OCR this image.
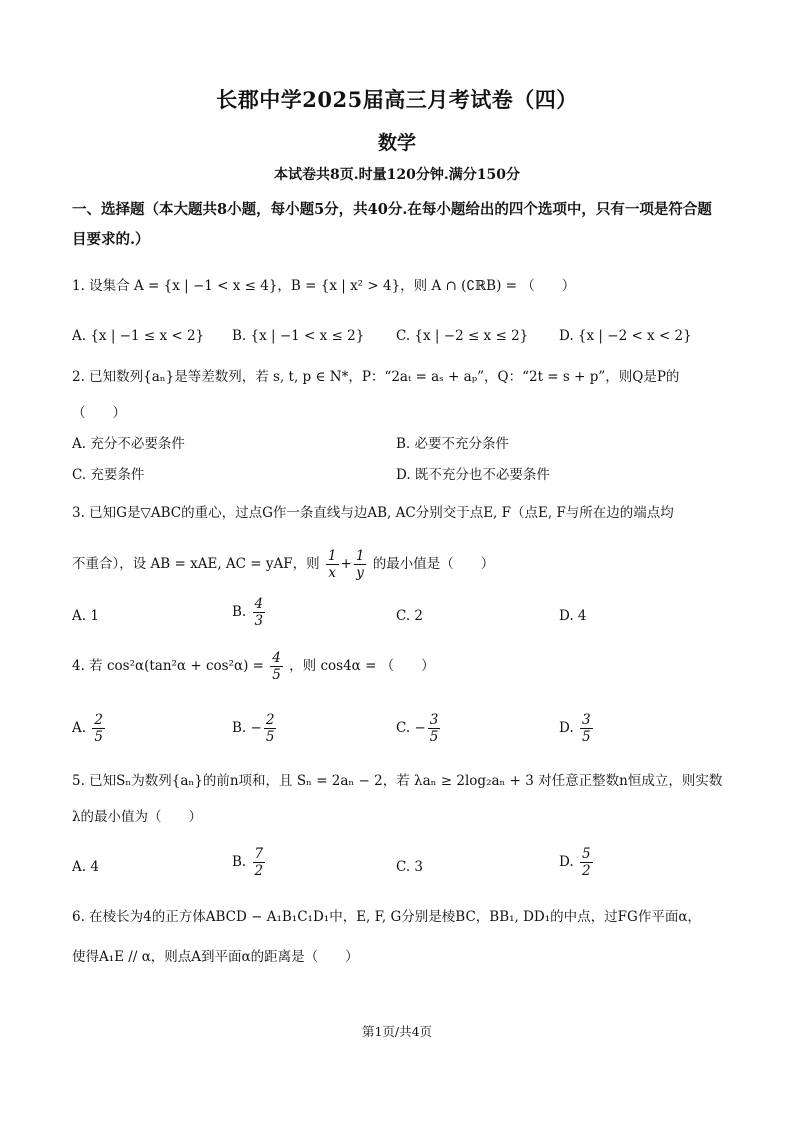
长郡中学2025届高三月考试卷（四）
数学
本试卷共8页.时量120分钟.满分150分
一、选择题（本大题共8小题，每小题5分，共40分.在每小题给出的四个选项中，只有一项是符合题目要求的.）
1. 设集合 A = {x | −1 < x ≤ 4}，B = {x | x² > 4}，则 A ∩ (∁ℝB) = （　　）
A. {x | −1 ≤ x < 2} B. {x | −1 < x ≤ 2} C. {x | −2 ≤ x ≤ 2} D. {x | −2 < x < 2}
2. 已知数列{aₙ}是等差数列，若 s, t, p ∈ N*，P：“2aₜ = aₛ + aₚ”，Q：“2t = s + p”，则Q是P的
（　　）
A. 充分不必要条件	B. 必要不充分条件
C. 充要条件	D. 既不充分也不必要条件
3. 已知G是▽ABC的重心，过点G作一条直线与边AB, AC分别交于点E, F（点E, F与所在边的端点均
不重合），设 AB = xAE, AC = yAF，则 $\frac{1}{x} + \frac{1}{y}$ 的最小值是（　　）
A. 1	B. $\frac{4}{3}$	C. 2	D. 4
4. 若 $\cos^2\alpha(\tan^2\alpha + \cos^2\alpha) = \frac{4}{5}$ ，则 cos4α = （　　）
A. $\frac{2}{5}$	B. − $\frac{2}{5}$	C. − $\frac{3}{5}$	D. $\frac{3}{5}$
5. 已知Sₙ为数列{aₙ}的前n项和，且 Sₙ = 2aₙ − 2，若 λaₙ ≥ 2log₂aₙ + 3 对任意正整数n恒成立，则实数
λ的最小值为（　　）
A. 4	B. $\frac{7}{2}$	C. 3	D. $\frac{5}{2}$
6. 在棱长为4的正方体ABCD − A₁B₁C₁D₁中，E, F, G分别是棱BC，BB₁, DD₁的中点，过FG作平面α，
使得A₁E // α，则点A到平面α的距离是（　　）
第1页/共4页
